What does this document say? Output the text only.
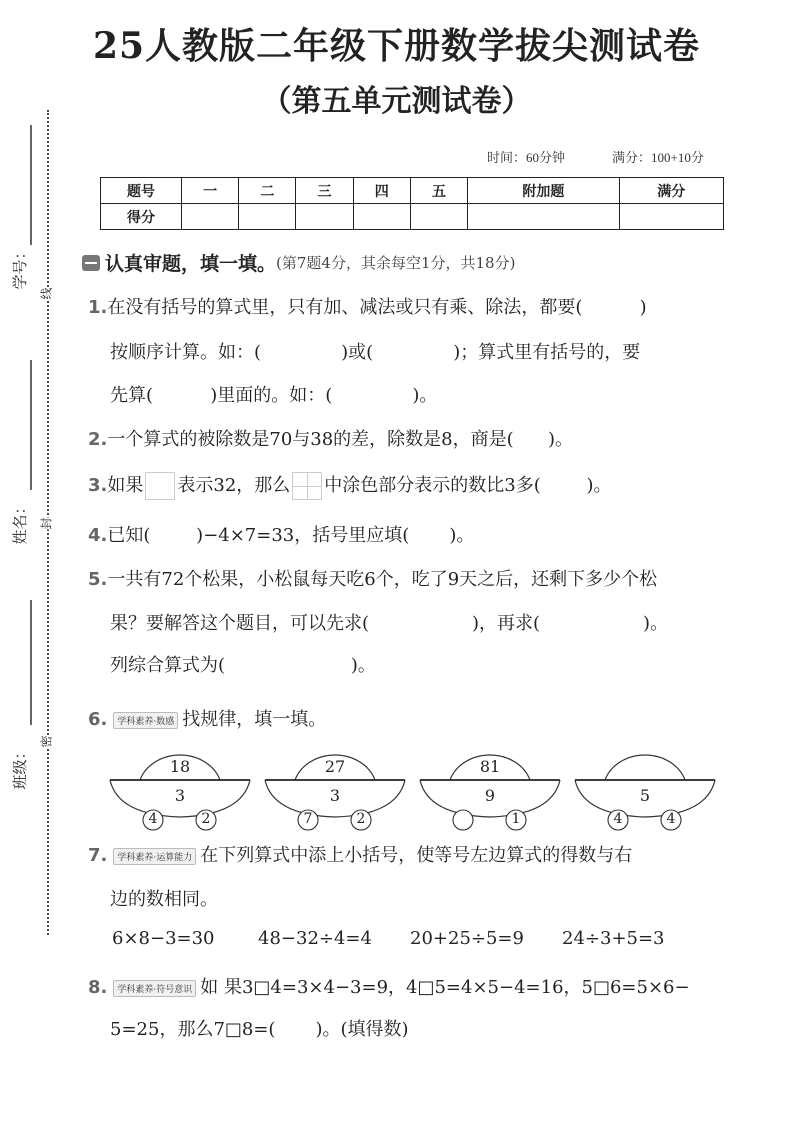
学号：
姓名：
班级：
线
封
密
25人教版二年级下册数学拔尖测试卷
（第五单元测试卷）
时间：60分钟	满分：100+10分
题号	一	二	三	四	五	附加题	满分
得分							
认真审题，填一填。 (第7题4分，其余每空1分，共18分)
1.在没有括号的算式里，只有加、减法或只有乘、除法，都要(          )
按顺序计算。如：(              )或(              )；算式里有括号的，要
先算(          )里面的。如：(              )。
2.一个算式的被除数是70与38的差，除数是8，商是(      )。
3.如果 表示32，那么 中涂色部分表示的数比3多(        )。
4.已知(        )−4×7=33，括号里应填(       )。
5.一共有72个松果，小松鼠每天吃6个，吃了9天之后，还剩下多少个松
果？要解答这个题目，可以先求(                  )，再求(                  )。
列综合算式为(                      )。
6. 学科素养·数感 找规律，填一填。
18
3
4	2
27
3
7	2
81
9
1
5
4	4
7. 学科素养·运算能力 在下列算式中添上小括号，使等号左边算式的得数与右
边的数相同。
6×8−3=30 48−32÷4=4 20+25÷5=9 24÷3+5=3
8. 学科素养·符号意识 如 果3□4=3×4−3=9，4□5=4×5−4=16，5□6=5×6−
5=25，那么7□8=(       )。(填得数)
